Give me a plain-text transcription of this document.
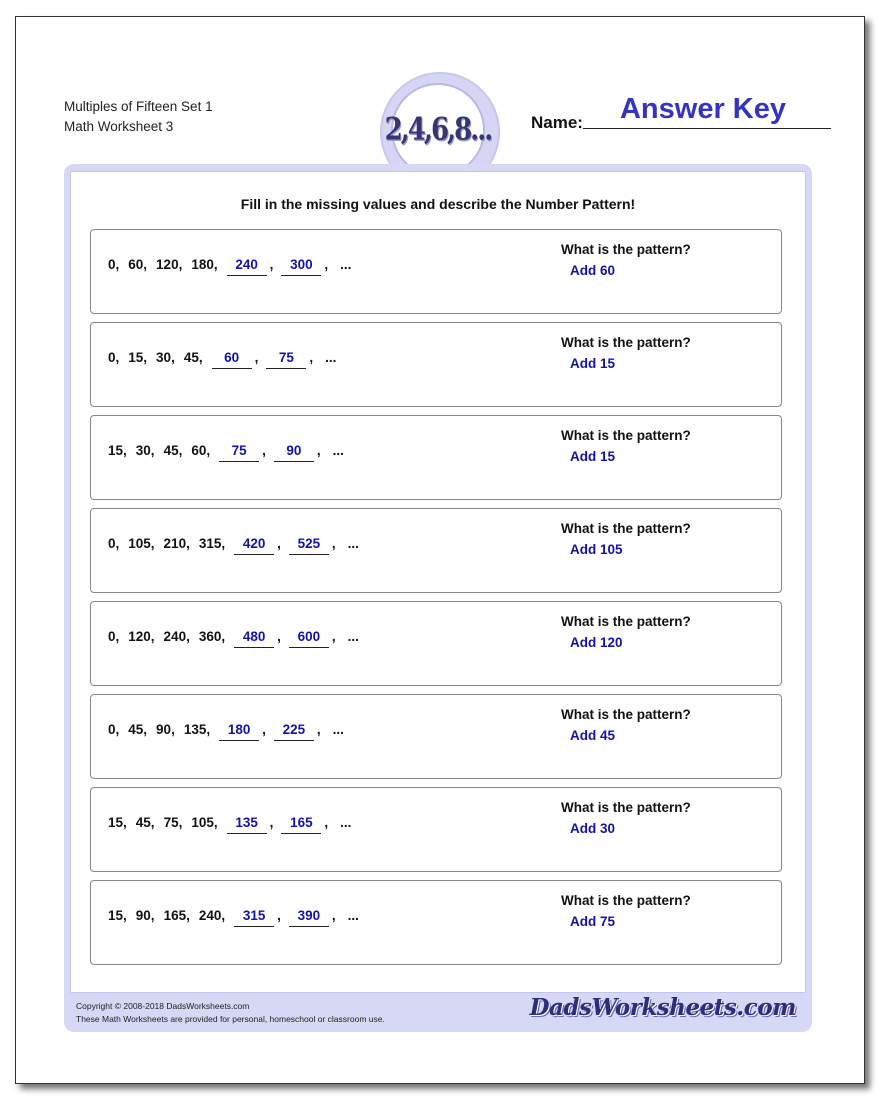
Multiples of Fifteen Set 1
Math Worksheet 3	2,4,6,8... Name:	Answer Key
Fill in the missing values and describe the Number Pattern!
0, 60, 120, 180,	240 ,	300 , ...
What is the pattern?
Add 60
0, 15, 30, 45,	60	,	75	, ...
What is the pattern?
Add 15
15, 30, 45, 60,	75	,	90	, ...
What is the pattern?
Add 15
0, 105, 210, 315,	420 ,	525 , ...
What is the pattern?
Add 105
0, 120, 240, 360,	480 ,	600 , ...
What is the pattern?
Add 120
0, 45, 90, 135,	180 ,	225 , ...
What is the pattern?
Add 45
15, 45, 75, 105,	135 ,	165 , ...
What is the pattern?
Add 30
15, 90, 165, 240,	315 ,	390 , ...
What is the pattern?
Add 75
Copyright © 2008-2018 DadsWorksheets.com
These Math Worksheets are provided for personal, homeschool or classroom use.	DadsWorksheets.com
